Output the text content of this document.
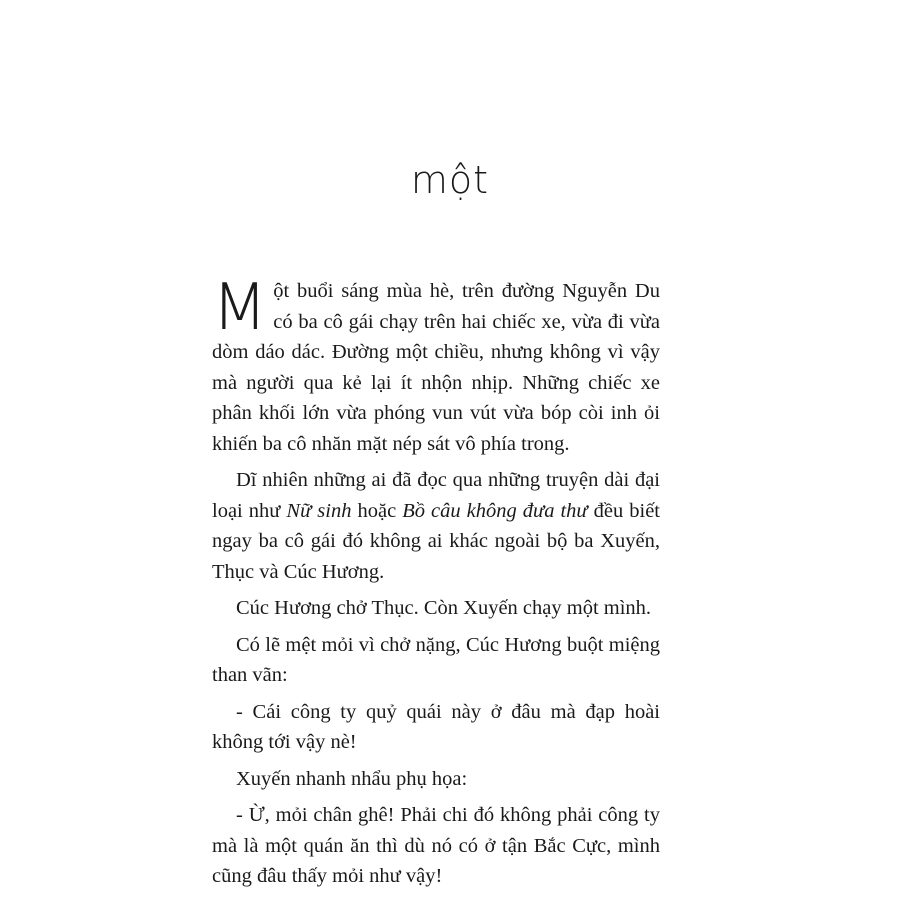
một

Một buổi sáng mùa hè, trên đường Nguyễn Du có ba cô gái chạy trên hai chiếc xe, vừa đi vừa dòm dáo dác. Đường một chiều, nhưng không vì vậy mà người qua kẻ lại ít nhộn nhịp. Những chiếc xe phân khối lớn vừa phóng vun vút vừa bóp còi inh ỏi khiến ba cô nhăn mặt nép sát vô phía trong.

Dĩ nhiên những ai đã đọc qua những truyện dài đại loại như Nữ sinh hoặc Bồ câu không đưa thư đều biết ngay ba cô gái đó không ai khác ngoài bộ ba Xuyến, Thục và Cúc Hương.

Cúc Hương chở Thục. Còn Xuyến chạy một mình.

Có lẽ mệt mỏi vì chở nặng, Cúc Hương buột miệng than vãn:

- Cái công ty quỷ quái này ở đâu mà đạp hoài không tới vậy nè!

Xuyến nhanh nhẩu phụ họa:

- Ừ, mỏi chân ghê! Phải chi đó không phải công ty mà là một quán ăn thì dù nó có ở tận Bắc Cực, mình cũng đâu thấy mỏi như vậy!
